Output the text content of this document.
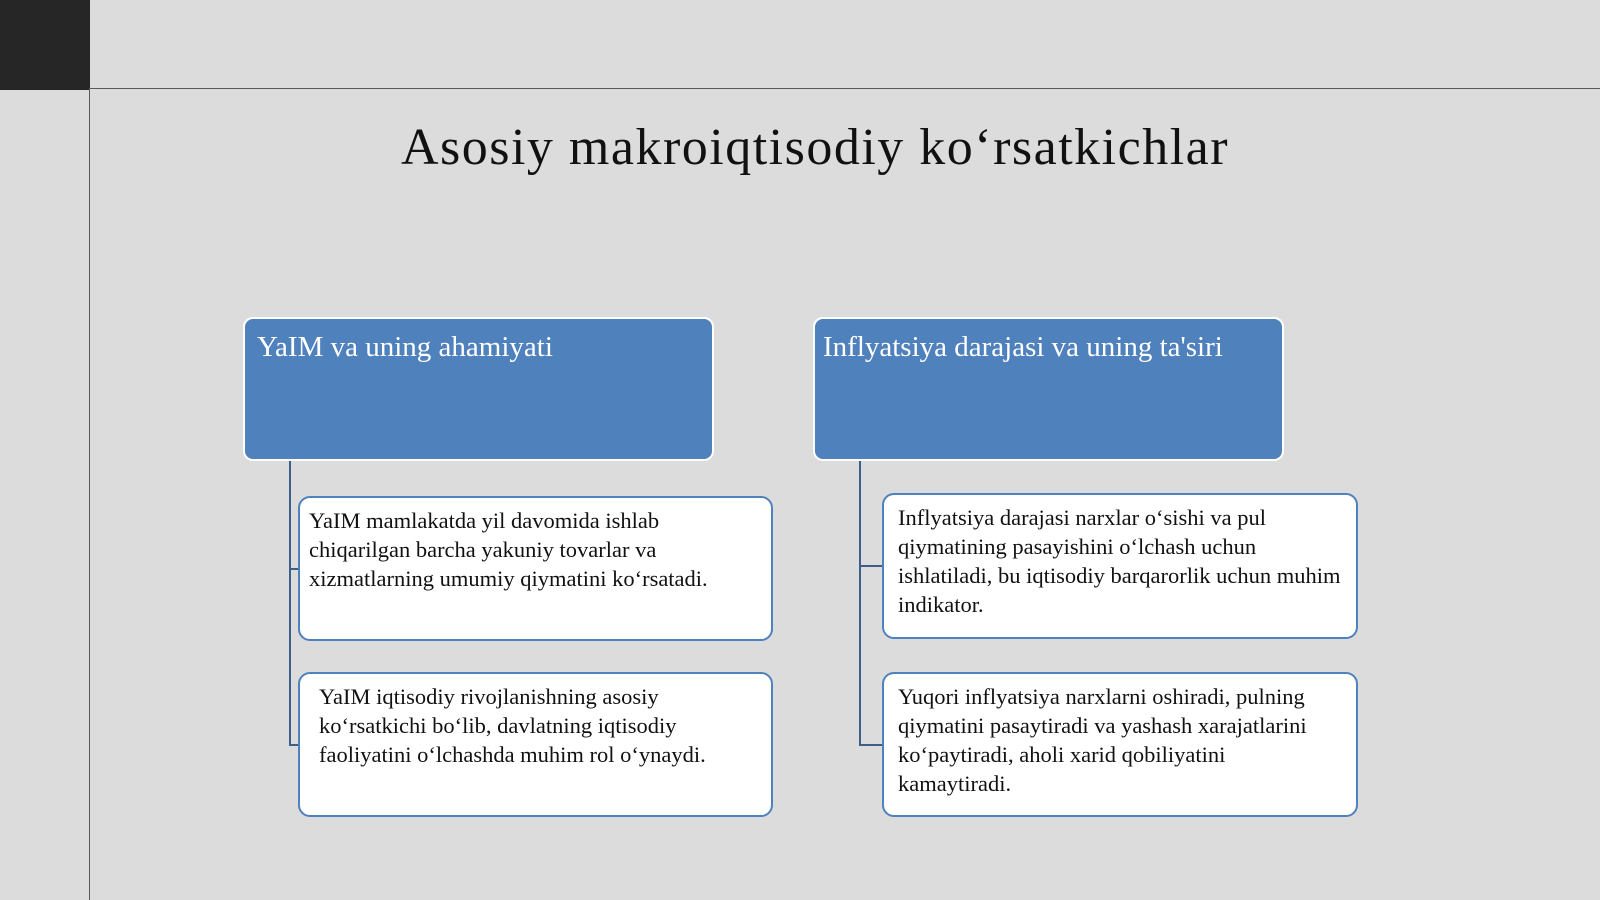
Asosiy makroiqtisodiy ko‘rsatkichlar
YaIM va uning ahamiyati
YaIM mamlakatda yil davomida ishlab chiqarilgan barcha yakuniy tovarlar va xizmatlarning umumiy qiymatini ko‘rsatadi.
YaIM iqtisodiy rivojlanishning asosiy ko‘rsatkichi bo‘lib, davlatning iqtisodiy faoliyatini o‘lchashda muhim rol o‘ynaydi.
Inflyatsiya darajasi va uning ta'siri
Inflyatsiya darajasi narxlar o‘sishi va pul qiymatining pasayishini o‘lchash uchun ishlatiladi, bu iqtisodiy barqarorlik uchun muhim indikator.
Yuqori inflyatsiya narxlarni oshiradi, pulning qiymatini pasaytiradi va yashash xarajatlarini ko‘paytiradi, aholi xarid qobiliyatini kamaytiradi.
